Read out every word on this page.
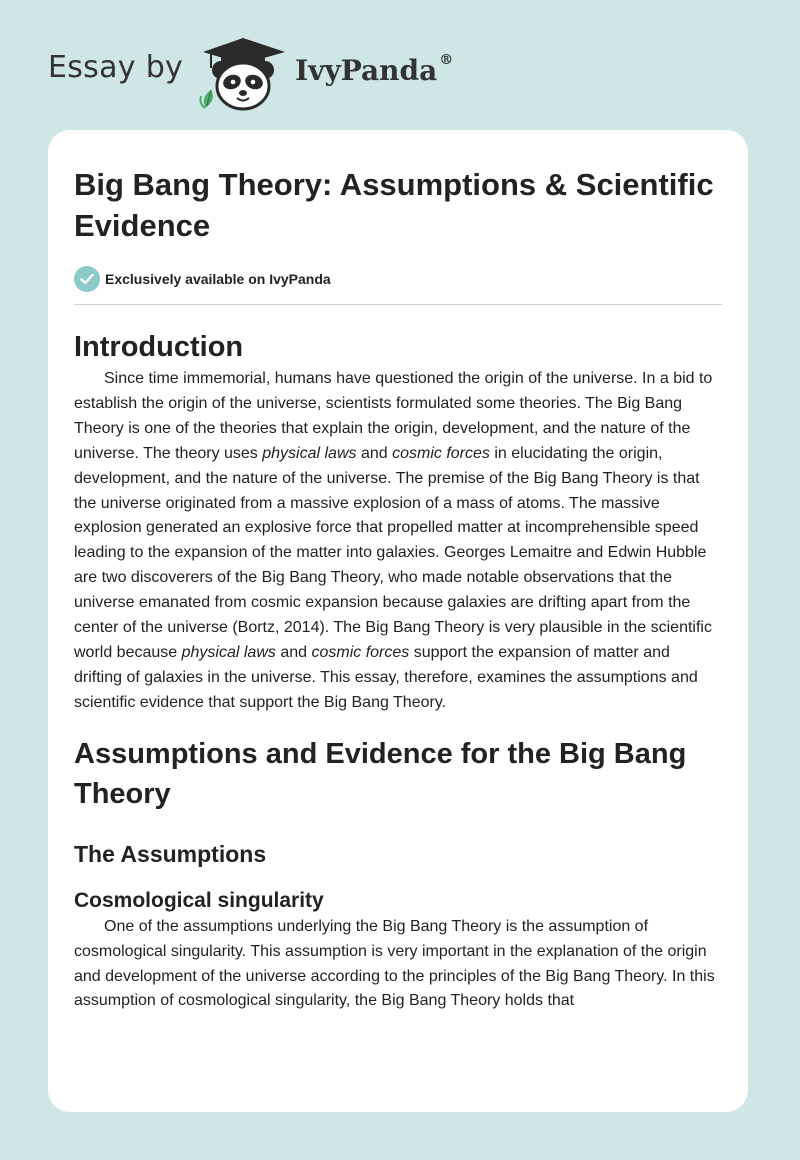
Essay by	IvyPanda ®
Big Bang Theory: Assumptions & Scientific Evidence
Exclusively available on IvyPanda
Introduction

Since time immemorial, humans have questioned the origin of the universe. In a bid to establish the origin of the universe, scientists formulated some theories. The Big Bang Theory is one of the theories that explain the origin, development, and the nature of the universe. The theory uses physical laws and cosmic forces in elucidating the origin, development, and the nature of the universe. The premise of the Big Bang Theory is that the universe originated from a massive explosion of a mass of atoms. The massive explosion generated an explosive force that propelled matter at incomprehensible speed leading to the expansion of the matter into galaxies. Georges Lemaitre and Edwin Hubble are two discoverers of the Big Bang Theory, who made notable observations that the universe emanated from cosmic expansion because galaxies are drifting apart from the center of the universe (Bortz, 2014). The Big Bang Theory is very plausible in the scientific world because physical laws and cosmic forces support the expansion of matter and drifting of galaxies in the universe. This essay, therefore, examines the assumptions and scientific evidence that support the Big Bang Theory.

Assumptions and Evidence for the Big Bang Theory
The Assumptions
Cosmological singularity

One of the assumptions underlying the Big Bang Theory is the assumption of cosmological singularity. This assumption is very important in the explanation of the origin and development of the universe according to the principles of the Big Bang Theory. In this assumption of cosmological singularity, the Big Bang Theory holds that
